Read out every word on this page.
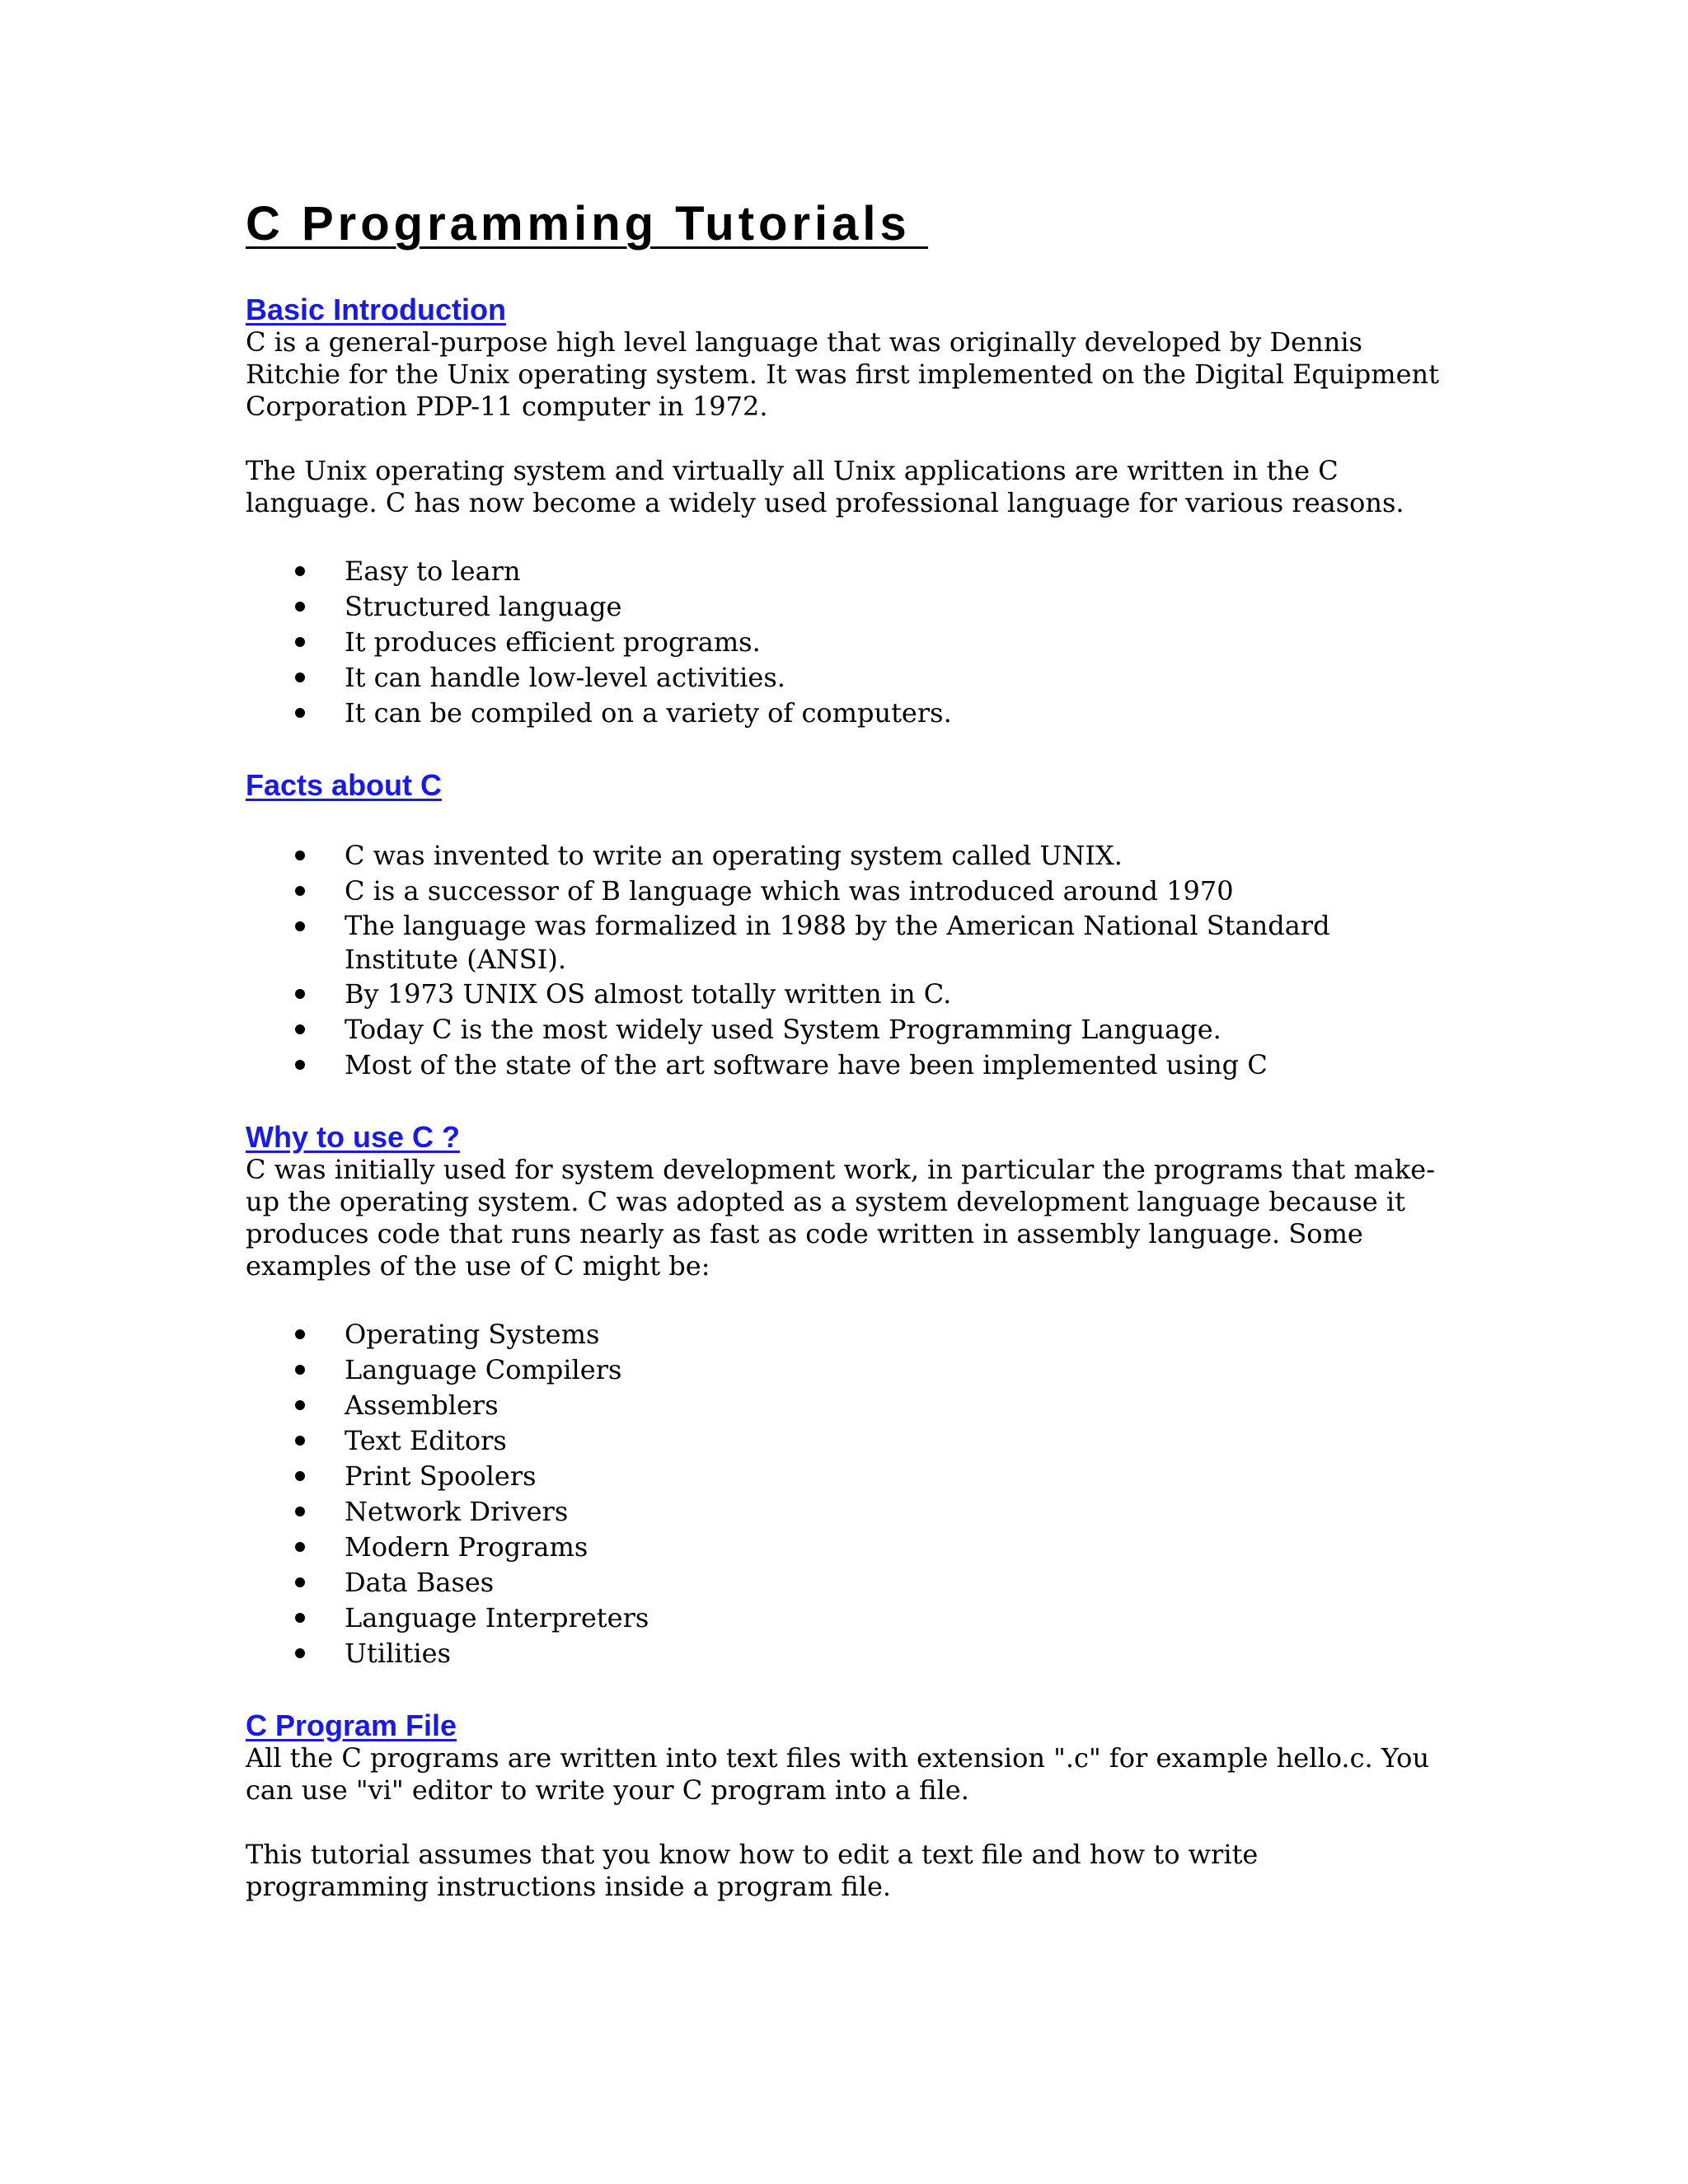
C Programming Tutorials
Basic Introduction

C is a general-purpose high level language that was originally developed by Dennis Ritchie for the Unix operating system. It was first implemented on the Digital Equipment Corporation PDP-11 computer in 1972.

The Unix operating system and virtually all Unix applications are written in the C language. C has now become a widely used professional language for various reasons.

Easy to learn
Structured language
It produces efficient programs.
It can handle low-level activities.
It can be compiled on a variety of computers.
Facts about C
C was invented to write an operating system called UNIX.
C is a successor of B language which was introduced around 1970
The language was formalized in 1988 by the American National Standard Institute (ANSI).
By 1973 UNIX OS almost totally written in C.
Today C is the most widely used System Programming Language.
Most of the state of the art software have been implemented using C
Why to use C ?

C was initially used for system development work, in particular the programs that make-up the operating system. C was adopted as a system development language because it produces code that runs nearly as fast as code written in assembly language. Some examples of the use of C might be:

Operating Systems
Language Compilers
Assemblers
Text Editors
Print Spoolers
Network Drivers
Modern Programs
Data Bases
Language Interpreters
Utilities
C Program File

All the C programs are written into text files with extension ".c" for example hello.c. You can use "vi" editor to write your C program into a file.

This tutorial assumes that you know how to edit a text file and how to write programming instructions inside a program file.
